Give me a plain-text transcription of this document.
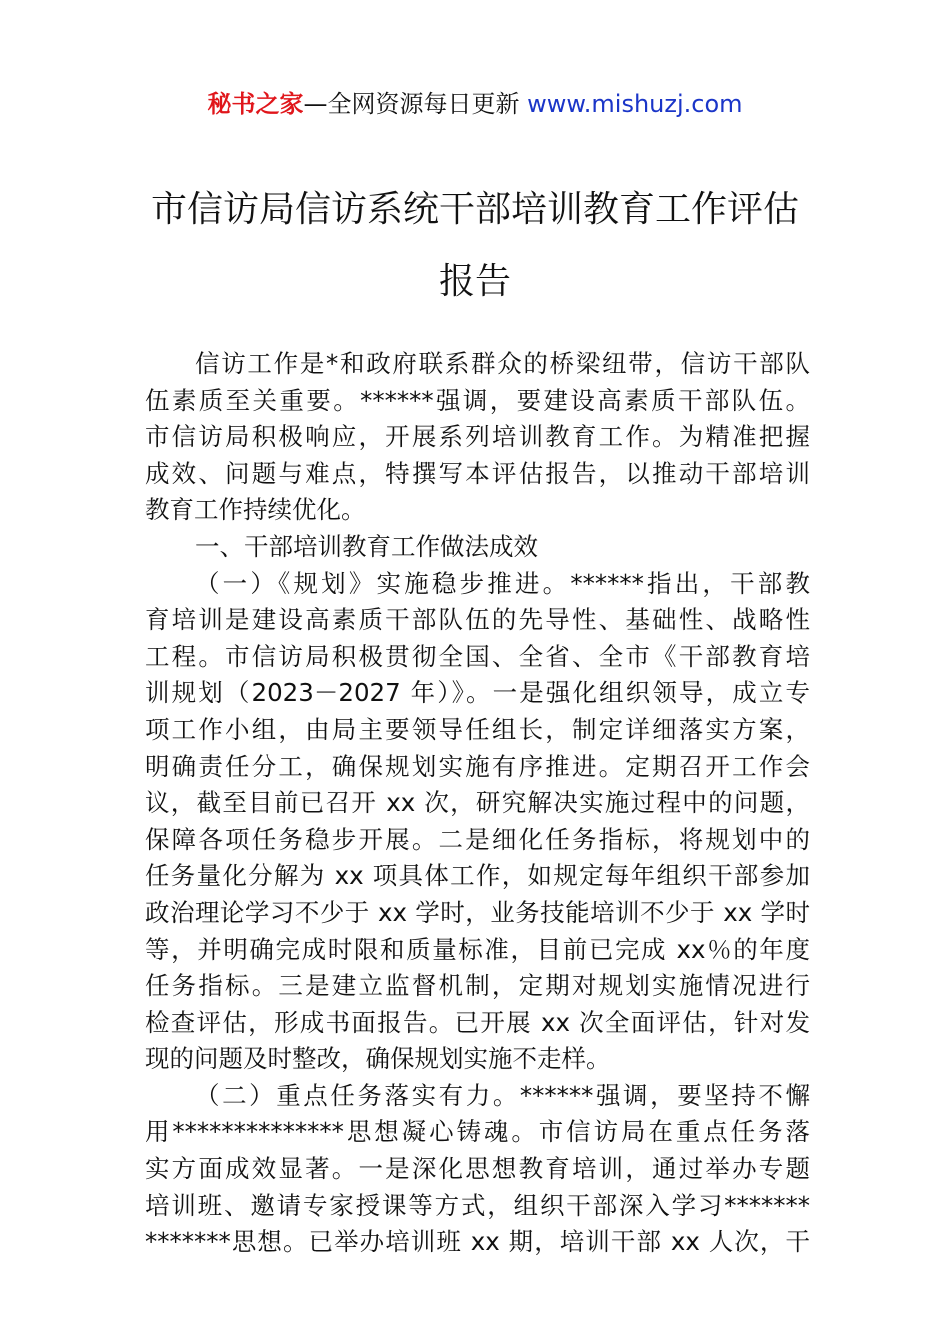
秘书之家—全网资源每日更新 www.mishuzj.com
市信访局信访系统干部培训教育工作评估
报告
信访工作是*和政府联系群众的桥梁纽带，信访干部队
伍素质至关重要。******强调，要建设高素质干部队伍。
市信访局积极响应，开展系列培训教育工作。为精准把握
成效、问题与难点，特撰写本评估报告，以推动干部培训
教育工作持续优化。
一、干部培训教育工作做法成效
（一）《规划》实施稳步推进。******指出，干部教
育培训是建设高素质干部队伍的先导性、基础性、战略性
工程。市信访局积极贯彻全国、全省、全市《干部教育培
训规划（2023－2027 年）》。一是强化组织领导，成立专
项工作小组，由局主要领导任组长，制定详细落实方案，
明确责任分工，确保规划实施有序推进。定期召开工作会
议，截至目前已召开 xx 次，研究解决实施过程中的问题，
保障各项任务稳步开展。二是细化任务指标，将规划中的
任务量化分解为 xx 项具体工作，如规定每年组织干部参加
政治理论学习不少于 xx 学时，业务技能培训不少于 xx 学时
等，并明确完成时限和质量标准，目前已完成 xx％的年度
任务指标。三是建立监督机制，定期对规划实施情况进行
检查评估，形成书面报告。已开展 xx 次全面评估，针对发
现的问题及时整改，确保规划实施不走样。
（二）重点任务落实有力。******强调，要坚持不懈
用**************思想凝心铸魂。市信访局在重点任务落
实方面成效显著。一是深化思想教育培训，通过举办专题
培训班、邀请专家授课等方式，组织干部深入学习*******
*******思想。已举办培训班 xx 期，培训干部 xx 人次，干
